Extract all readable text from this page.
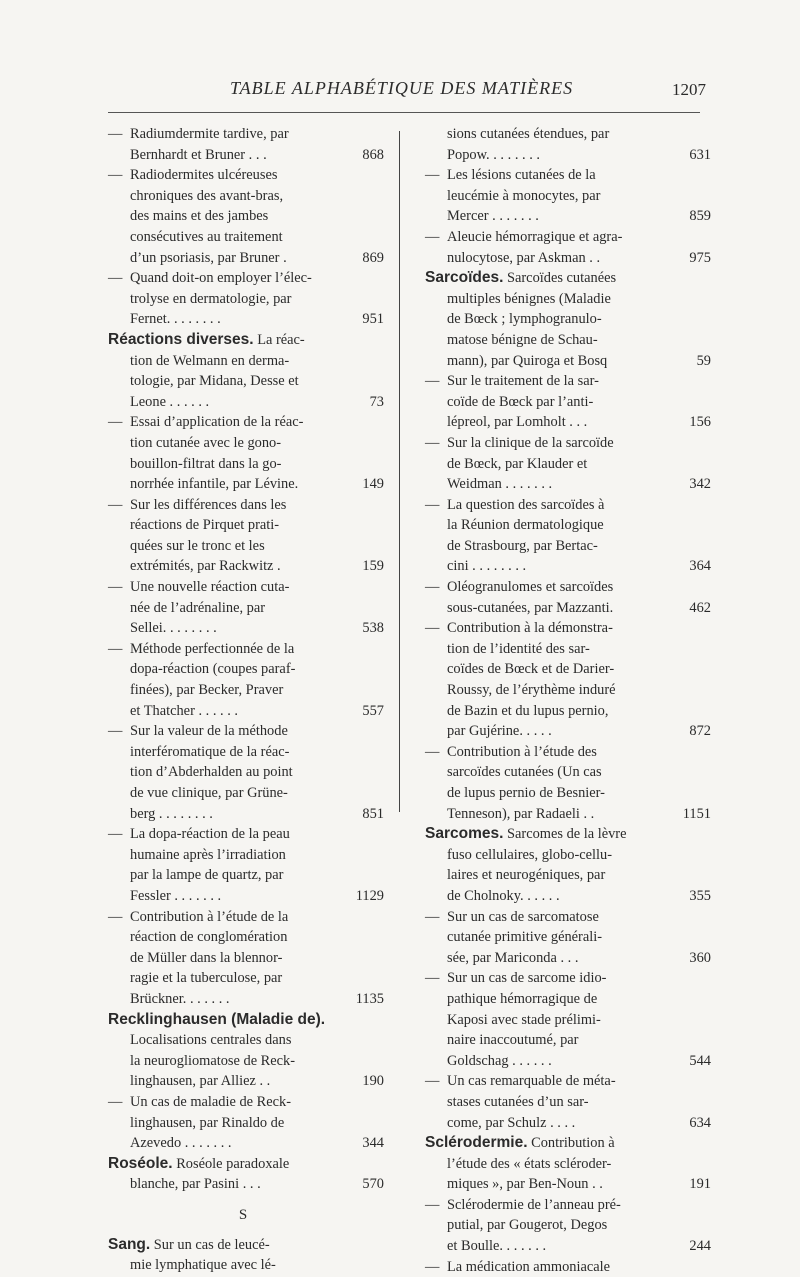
TABLE ALPHABÉTIQUE DES MATIÈRES	1207
— Radiumdermite tardive, par
Bernhardt et Bruner . . .	868
— Radiodermites ulcéreuses
chroniques des avant-bras,
des mains et des jambes
consécutives au traitement
d’un psoriasis, par Bruner .	869
— Quand doit-on employer l’élec-
trolyse en dermatologie, par
Fernet. . . . . . . .	951
Réactions diverses. La réac-
tion de Welmann en derma-
tologie, par Midana, Desse et
Leone . . . . . .	73
— Essai d’application de la réac-
tion cutanée avec le gono-
bouillon-filtrat dans la go-
norrhée infantile, par Lévine.	149
— Sur les différences dans les
réactions de Pirquet prati-
quées sur le tronc et les
extrémités, par Rackwitz .	159
— Une nouvelle réaction cuta-
née de l’adrénaline, par
Sellei. . . . . . . .	538
— Méthode perfectionnée de la
dopa-réaction (coupes paraf-
finées), par Becker, Praver
et Thatcher . . . . . .	557
— Sur la valeur de la méthode
interféromatique de la réac-
tion d’Abderhalden au point
de vue clinique, par Grüne-
berg . . . . . . . .	851
— La dopa-réaction de la peau
humaine après l’irradiation
par la lampe de quartz, par
Fessler . . . . . . .	1129
— Contribution à l’étude de la
réaction de conglomération
de Müller dans la blennor-
ragie et la tuberculose, par
Brückner. . . . . . .	1135
Recklinghausen (Maladie de).
Localisations centrales dans
la neurogliomatose de Reck-
linghausen, par Alliez . .	190
— Un cas de maladie de Reck-
linghausen, par Rinaldo de
Azevedo . . . . . . .	344
Roséole. Roséole paradoxale
blanche, par Pasini . . .	570
S
Sang. Sur un cas de leucé-
mie lymphatique avec lé-
sions cutanées étendues, par
Popow. . . . . . . .	631
— Les lésions cutanées de la
leucémie à monocytes, par
Mercer . . . . . . .	859
— Aleucie hémorragique et agra-
nulocytose, par Askman . .	975
Sarcoïdes. Sarcoïdes cutanées
multiples bénignes (Maladie
de Bœck ; lymphogranulo-
matose bénigne de Schau-
mann), par Quiroga et Bosq	59
— Sur le traitement de la sar-
coïde de Bœck par l’anti-
lépreol, par Lomholt . . .	156
— Sur la clinique de la sarcoïde
de Bœck, par Klauder et
Weidman . . . . . . .	342
— La question des sarcoïdes à
la Réunion dermatologique
de Strasbourg, par Bertac-
cini . . . . . . . .	364
— Oléogranulomes et sarcoïdes
sous-cutanées, par Mazzanti.	462
— Contribution à la démonstra-
tion de l’identité des sar-
coïdes de Bœck et de Darier-
Roussy, de l’érythème induré
de Bazin et du lupus pernio,
par Gujérine. . . . .	872
— Contribution à l’étude des
sarcoïdes cutanées (Un cas
de lupus pernio de Besnier-
Tenneson), par Radaeli . .	1151
Sarcomes. Sarcomes de la lèvre
fuso cellulaires, globo-cellu-
laires et neurogéniques, par
de Cholnoky. . . . . .	355
— Sur un cas de sarcomatose
cutanée primitive générali-
sée, par Mariconda . . .	360
— Sur un cas de sarcome idio-
pathique hémorragique de
Kaposi avec stade prélimi-
naire inaccoutumé, par
Goldschag . . . . . .	544
— Un cas remarquable de méta-
stases cutanées d’un sar-
come, par Schulz . . . .	634
Sclérodermie. Contribution à
l’étude des « états scléroder-
miques », par Ben-Noun . .	191
— Sclérodermie de l’anneau pré-
putial, par Gougerot, Degos
et Boulle. . . . . . .	244
— La médication ammoniacale
